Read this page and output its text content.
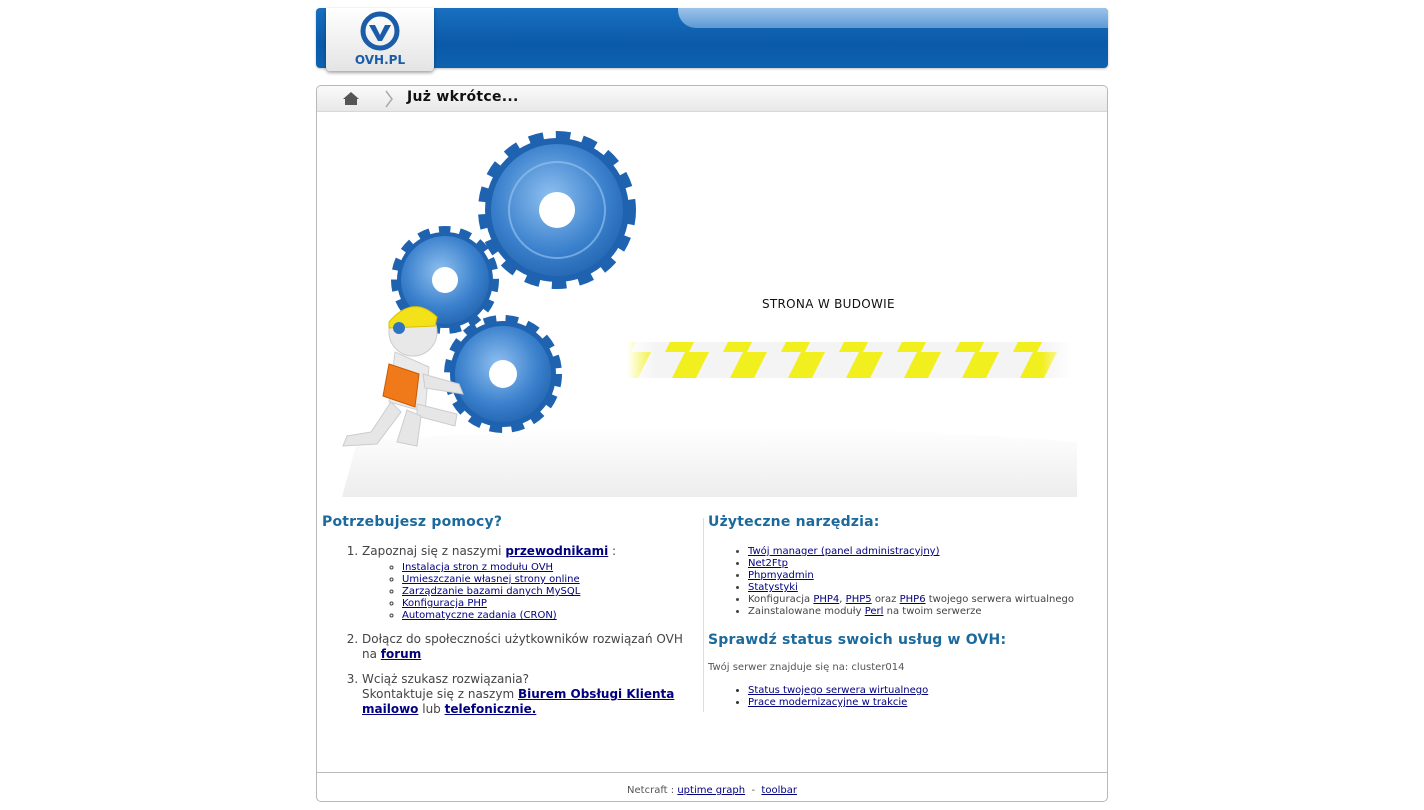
OVH.PL
Już wkrótce...
STRONA W BUDOWIE
Potrzebujesz pomocy?
1. Zapoznaj się z naszymi przewodnikami :
◦ Instalacja stron z modułu OVH
◦ Umieszczanie własnej strony online
◦ Zarządzanie bazami danych MySQL
◦ Konfiguracja PHP
◦ Automatyczne zadania (CRON)
2. Dołącz do społeczności użytkowników rozwiązań OVH na forum
3. Wciąż szukasz rozwiązania?
Skontaktuje się z naszym Biurem Obsługi Klienta mailowo lub telefonicznie.
Użyteczne narzędzia:
• Twój manager (panel administracyjny)
• Net2Ftp
• Phpmyadmin
• Statystyki
• Konfiguracja PHP4, PHP5 oraz PHP6 twojego serwera wirtualnego
• Zainstalowane moduły Perl na twoim serwerze
Sprawdź status swoich usług w OVH:

Twój serwer znajduje się na: cluster014

• Status twojego serwera wirtualnego
• Prace modernizacyjne w trakcie
Netcraft : uptime graph - toolbar
